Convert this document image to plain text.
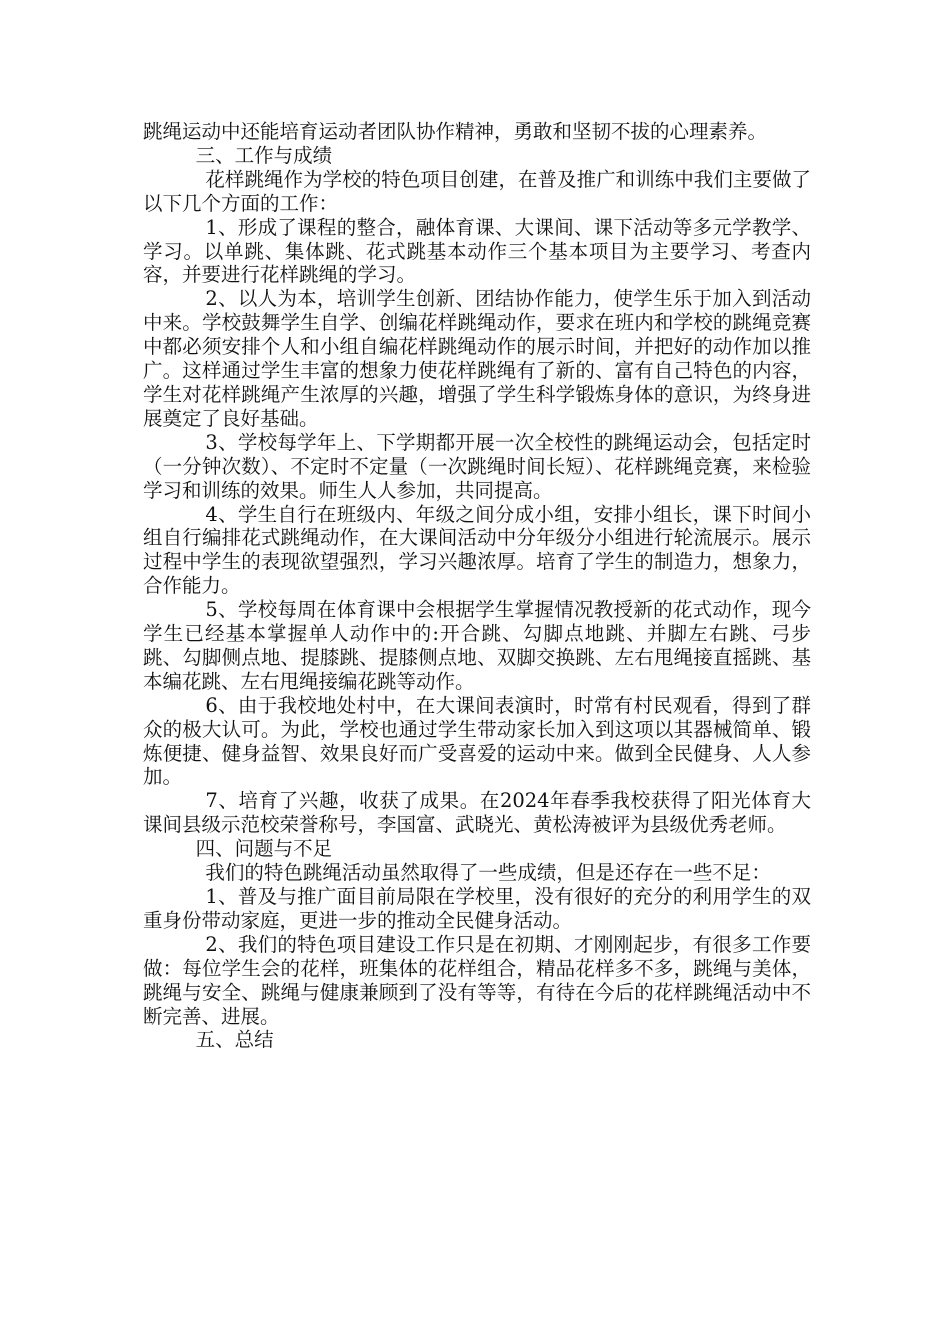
跳绳运动中还能培育运动者团队协作精神，勇敢和坚韧不拔的心理素养。

三、工作与成绩

花样跳绳作为学校的特色项目创建，在普及推广和训练中我们主要做了以下几个方面的工作：

1、形成了课程的整合，融体育课、大课间、课下活动等多元学教学、学习。以单跳、集体跳、花式跳基本动作三个基本项目为主要学习、考查内容，并要进行花样跳绳的学习。

2、以人为本，培训学生创新、团结协作能力，使学生乐于加入到活动中来。学校鼓舞学生自学、创编花样跳绳动作，要求在班内和学校的跳绳竞赛中都必须安排个人和小组自编花样跳绳动作的展示时间，并把好的动作加以推广。这样通过学生丰富的想象力使花样跳绳有了新的、富有自己特色的内容，学生对花样跳绳产生浓厚的兴趣，增强了学生科学锻炼身体的意识，为终身进展奠定了良好基础。

3、学校每学年上、下学期都开展一次全校性的跳绳运动会，包括定时（一分钟次数）、不定时不定量（一次跳绳时间长短）、花样跳绳竞赛，来检验学习和训练的效果。师生人人参加，共同提高。

4、学生自行在班级内、年级之间分成小组，安排小组长，课下时间小组自行编排花式跳绳动作，在大课间活动中分年级分小组进行轮流展示。展示过程中学生的表现欲望强烈，学习兴趣浓厚。培育了学生的制造力，想象力，合作能力。

5、学校每周在体育课中会根据学生掌握情况教授新的花式动作，现今学生已经基本掌握单人动作中的:开合跳、勾脚点地跳、并脚左右跳、弓步跳、勾脚侧点地、提膝跳、提膝侧点地、双脚交换跳、左右甩绳接直摇跳、基本编花跳、左右甩绳接编花跳等动作。

6、由于我校地处村中，在大课间表演时，时常有村民观看，得到了群众的极大认可。为此，学校也通过学生带动家长加入到这项以其器械简单、锻炼便捷、健身益智、效果良好而广受喜爱的运动中来。做到全民健身、人人参加。

7、培育了兴趣，收获了成果。在2024年春季我校获得了阳光体育大课间县级示范校荣誉称号，李国富、武晓光、黄松涛被评为县级优秀老师。

四、问题与不足

我们的特色跳绳活动虽然取得了一些成绩，但是还存在一些不足：

1、普及与推广面目前局限在学校里，没有很好的充分的利用学生的双重身份带动家庭，更进一步的推动全民健身活动。

2、我们的特色项目建设工作只是在初期、才刚刚起步，有很多工作要做：每位学生会的花样，班集体的花样组合，精品花样多不多，跳绳与美体，跳绳与安全、跳绳与健康兼顾到了没有等等，有待在今后的花样跳绳活动中不断完善、进展。

五、总结
